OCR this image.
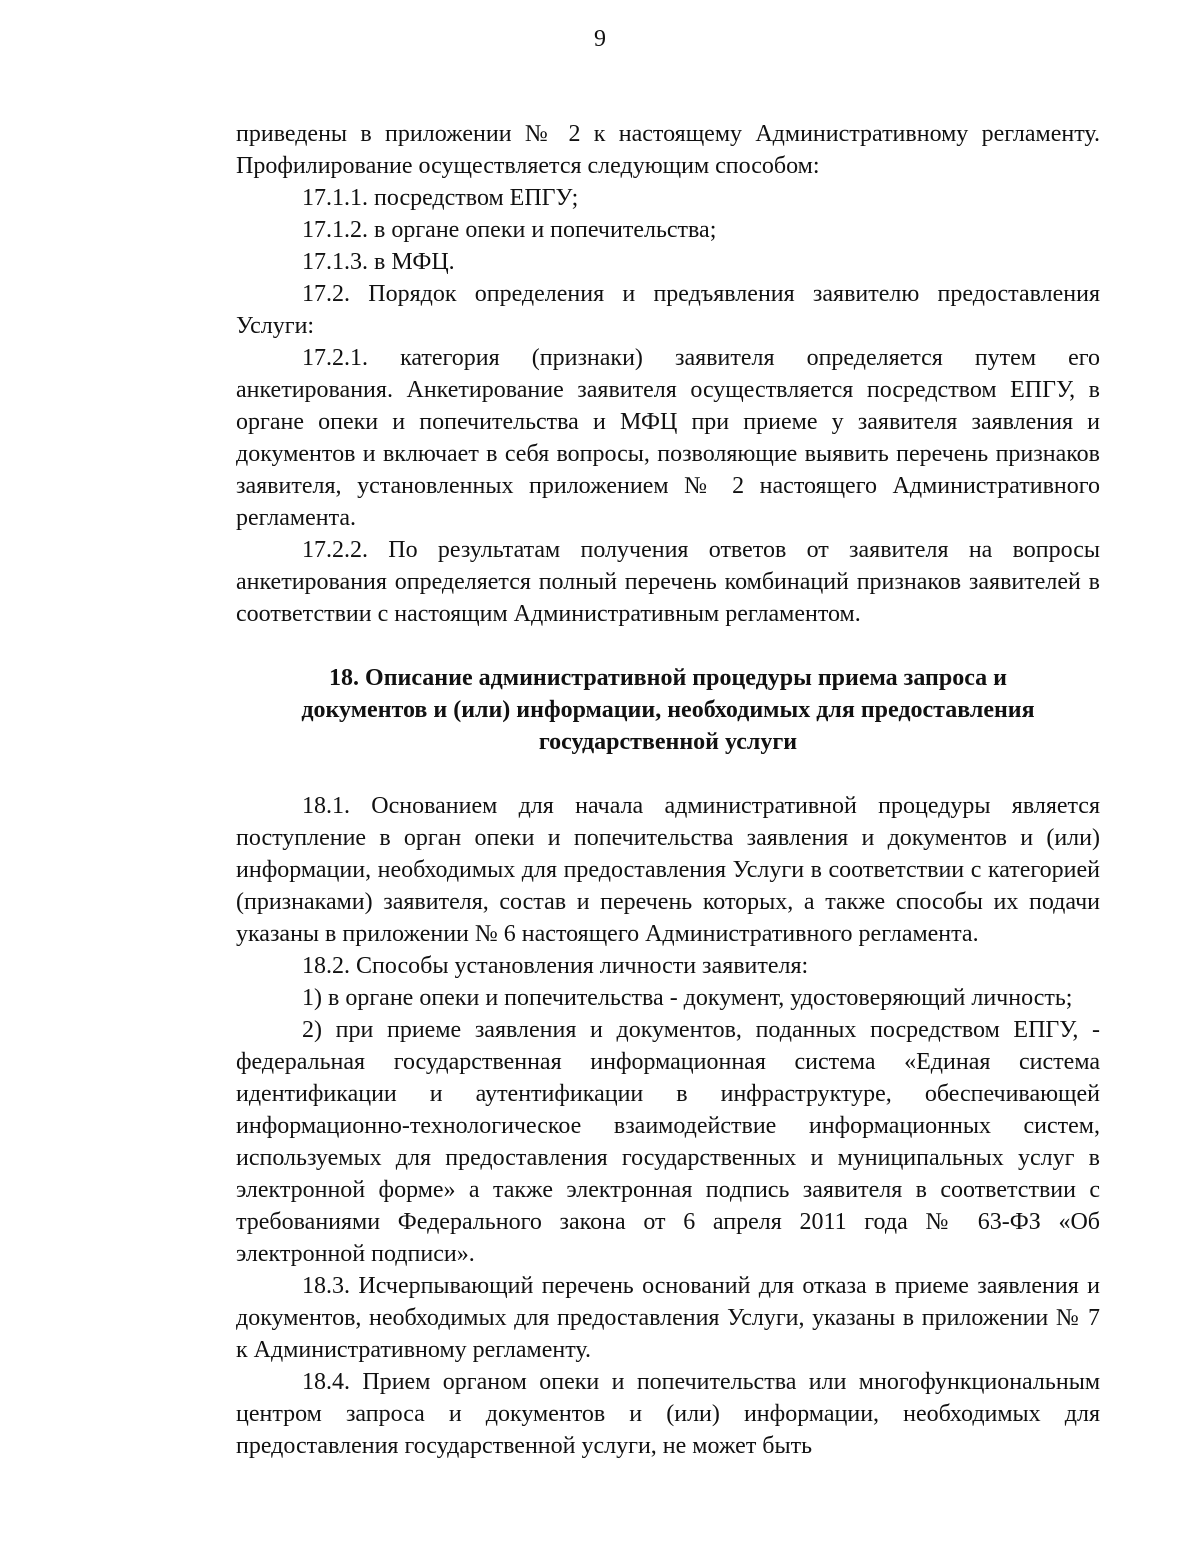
9

приведены в приложении № 2 к настоящему Административному регламенту. Профилирование осуществляется следующим способом:

17.1.1. посредством ЕПГУ;

17.1.2. в органе опеки и попечительства;

17.1.3. в МФЦ.

17.2. Порядок определения и предъявления заявителю предоставления Услуги:

17.2.1. категория (признаки) заявителя определяется путем его анкетирования. Анкетирование заявителя осуществляется посредством ЕПГУ, в органе опеки и попечительства и МФЦ при приеме у заявителя заявления и документов и включает в себя вопросы, позволяющие выявить перечень признаков заявителя, установленных приложением № 2 настоящего Административного регламента.

17.2.2. По результатам получения ответов от заявителя на вопросы анкетирования определяется полный перечень комбинаций признаков заявителей в соответствии с настоящим Административным регламентом.

18. Описание административной процедуры приема запроса и
документов и (или) информации, необходимых для предоставления
государственной услуги

18.1. Основанием для начала административной процедуры является поступление в орган опеки и попечительства заявления и документов и (или) информации, необходимых для предоставления Услуги в соответствии с категорией (признаками) заявителя, состав и перечень которых, а также способы их подачи указаны в приложении № 6 настоящего Административного регламента.

18.2. Способы установления личности заявителя:

1) в органе опеки и попечительства - документ, удостоверяющий личность;

2) при приеме заявления и документов, поданных посредством ЕПГУ, - федеральная государственная информационная система «Единая система идентификации и аутентификации в инфраструктуре, обеспечивающей информационно-технологическое взаимодействие информационных систем, используемых для предоставления государственных и муниципальных услуг в электронной форме» а также электронная подпись заявителя в соответствии с требованиями Федерального закона от 6 апреля 2011 года № 63-ФЗ «Об электронной подписи».

18.3. Исчерпывающий перечень оснований для отказа в приеме заявления и документов, необходимых для предоставления Услуги, указаны в приложении № 7 к Административному регламенту.

18.4. Прием органом опеки и попечительства или многофункциональным центром запроса и документов и (или) информации, необходимых для предоставления государственной услуги, не может быть
